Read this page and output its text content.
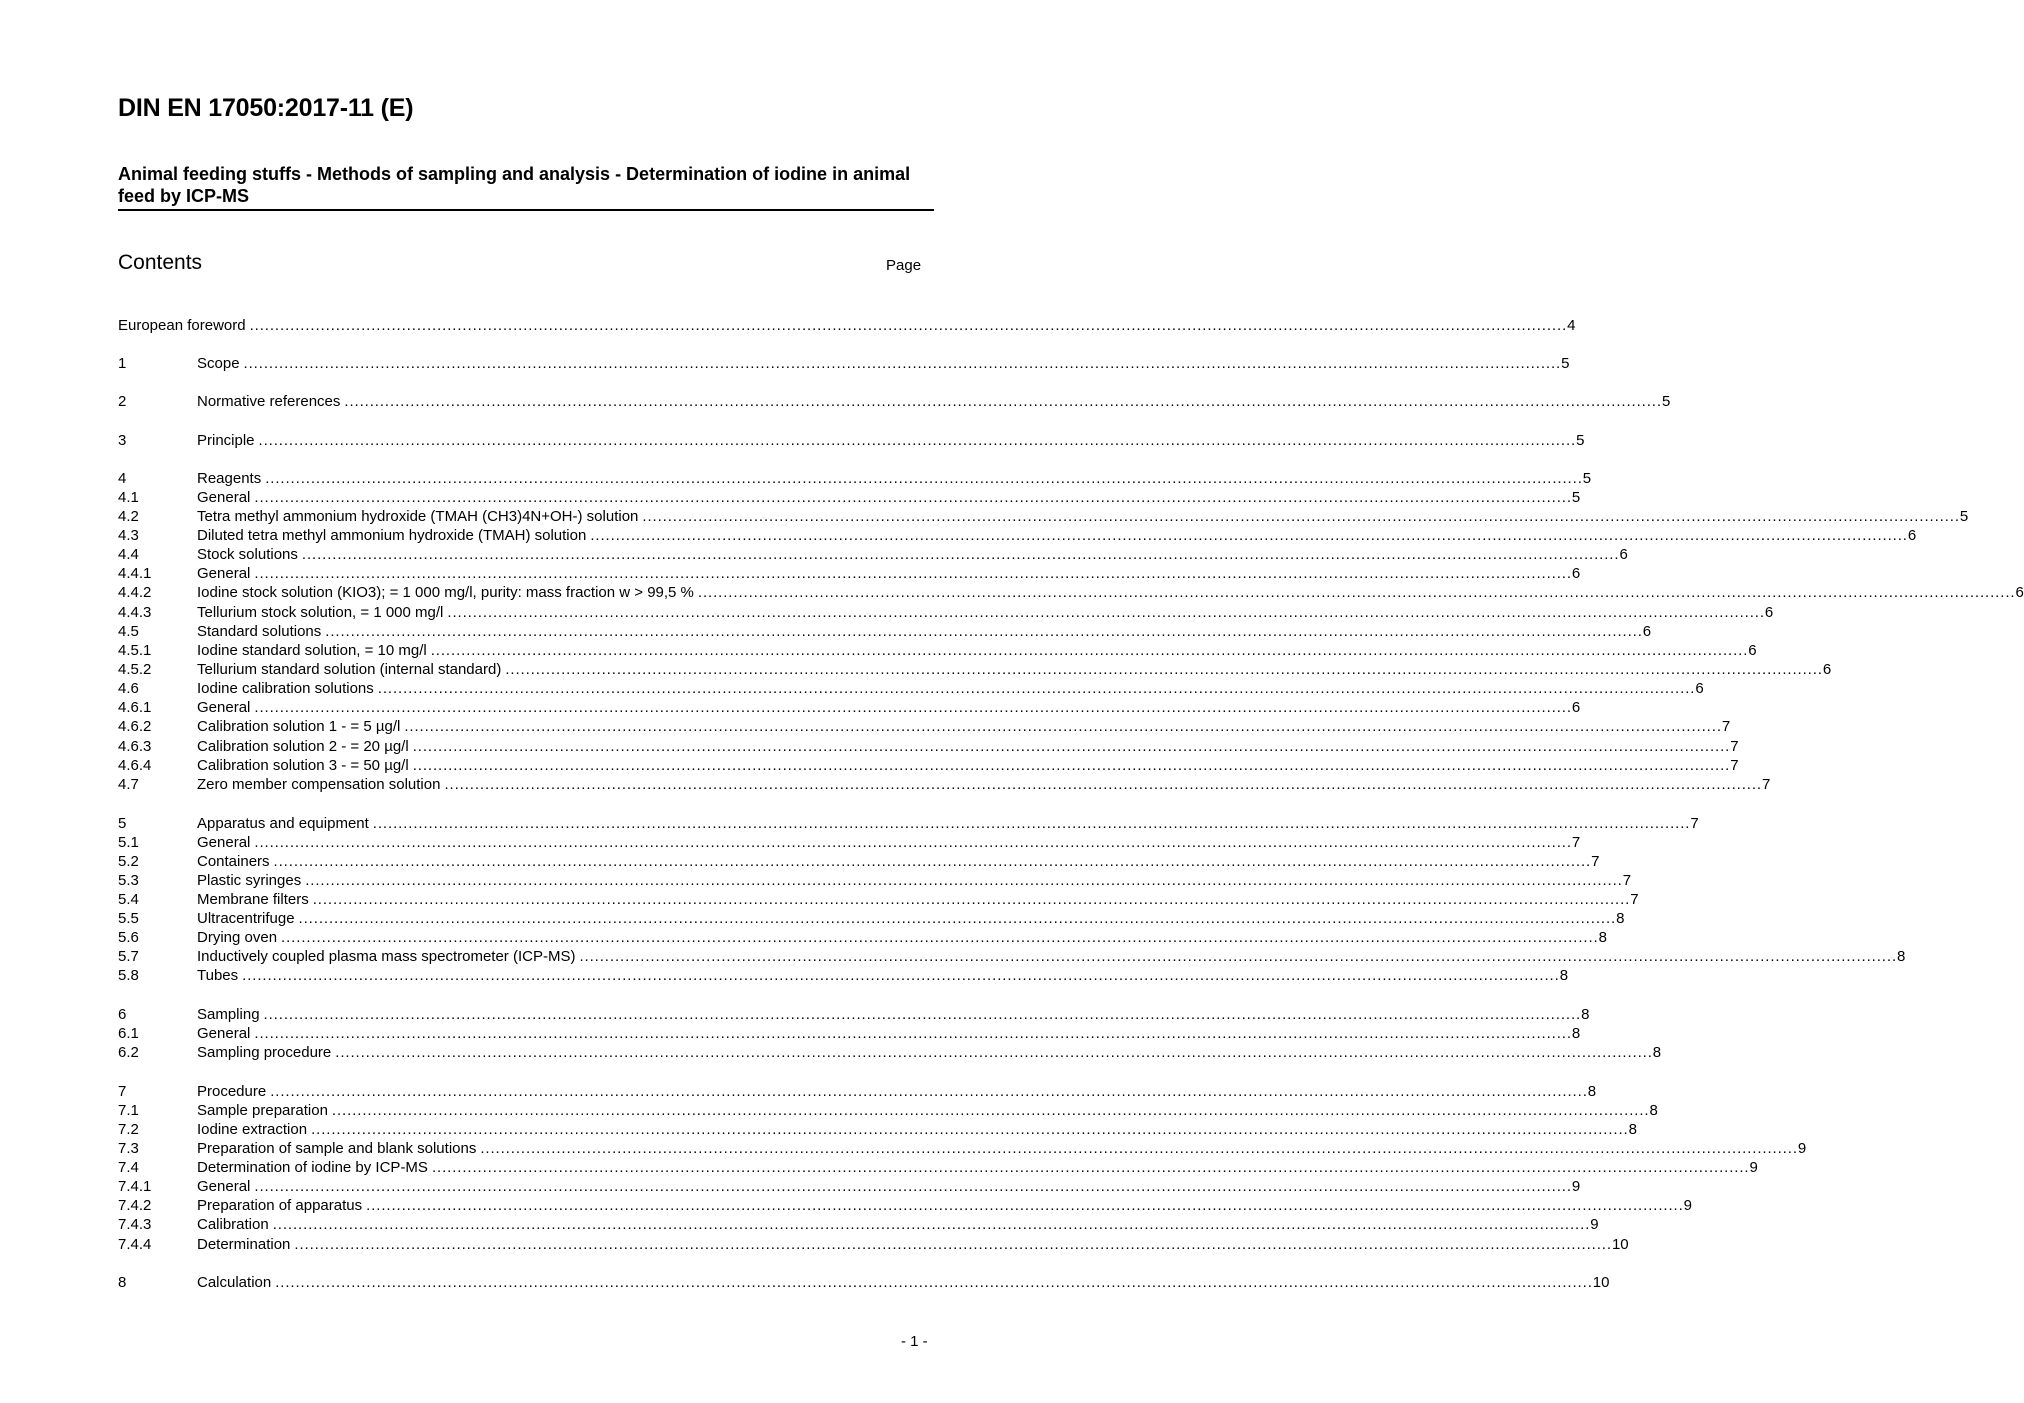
DIN EN 17050:2017-11 (E)
Animal feeding stuffs - Methods of sampling and analysis - Determination of iodine in animal feed by ICP-MS
Contents	Page
European foreword .................................................................................................................................................................................................................................................................... 4
1	Scope .................................................................................................................................................................................................................................................................... 5
2	Normative references .................................................................................................................................................................................................................................................................... 5
3	Principle .................................................................................................................................................................................................................................................................... 5
4	Reagents .................................................................................................................................................................................................................................................................... 5
4.1	General .................................................................................................................................................................................................................................................................... 5
4.2	Tetra methyl ammonium hydroxide (TMAH (CH3)4N+OH-) solution .................................................................................................................................................................................................................................................................... 5
4.3	Diluted tetra methyl ammonium hydroxide (TMAH) solution .................................................................................................................................................................................................................................................................... 6
4.4	Stock solutions .................................................................................................................................................................................................................................................................... 6
4.4.1	General .................................................................................................................................................................................................................................................................... 6
4.4.2	Iodine stock solution (KIO3); = 1 000 mg/l, purity: mass fraction w > 99,5 % .................................................................................................................................................................................................................................................................... 6
4.4.3	Tellurium stock solution, = 1 000 mg/l .................................................................................................................................................................................................................................................................... 6
4.5	Standard solutions .................................................................................................................................................................................................................................................................... 6
4.5.1	Iodine standard solution, = 10 mg/l .................................................................................................................................................................................................................................................................... 6
4.5.2	Tellurium standard solution (internal standard) .................................................................................................................................................................................................................................................................... 6
4.6	Iodine calibration solutions .................................................................................................................................................................................................................................................................... 6
4.6.1	General .................................................................................................................................................................................................................................................................... 6
4.6.2	Calibration solution 1 - = 5 µg/l .................................................................................................................................................................................................................................................................... 7
4.6.3	Calibration solution 2 - = 20 µg/l .................................................................................................................................................................................................................................................................... 7
4.6.4	Calibration solution 3 - = 50 µg/l .................................................................................................................................................................................................................................................................... 7
4.7	Zero member compensation solution .................................................................................................................................................................................................................................................................... 7
5	Apparatus and equipment .................................................................................................................................................................................................................................................................... 7
5.1	General .................................................................................................................................................................................................................................................................... 7
5.2	Containers .................................................................................................................................................................................................................................................................... 7
5.3	Plastic syringes .................................................................................................................................................................................................................................................................... 7
5.4	Membrane filters .................................................................................................................................................................................................................................................................... 7
5.5	Ultracentrifuge .................................................................................................................................................................................................................................................................... 8
5.6	Drying oven .................................................................................................................................................................................................................................................................... 8
5.7	Inductively coupled plasma mass spectrometer (ICP-MS) .................................................................................................................................................................................................................................................................... 8
5.8	Tubes .................................................................................................................................................................................................................................................................... 8
6	Sampling .................................................................................................................................................................................................................................................................... 8
6.1	General .................................................................................................................................................................................................................................................................... 8
6.2	Sampling procedure .................................................................................................................................................................................................................................................................... 8
7	Procedure .................................................................................................................................................................................................................................................................... 8
7.1	Sample preparation .................................................................................................................................................................................................................................................................... 8
7.2	Iodine extraction .................................................................................................................................................................................................................................................................... 8
7.3	Preparation of sample and blank solutions .................................................................................................................................................................................................................................................................... 9
7.4	Determination of iodine by ICP-MS .................................................................................................................................................................................................................................................................... 9
7.4.1	General .................................................................................................................................................................................................................................................................... 9
7.4.2	Preparation of apparatus .................................................................................................................................................................................................................................................................... 9
7.4.3	Calibration .................................................................................................................................................................................................................................................................... 9
7.4.4	Determination .................................................................................................................................................................................................................................................................... 10
8	Calculation .................................................................................................................................................................................................................................................................... 10
- 1 -
